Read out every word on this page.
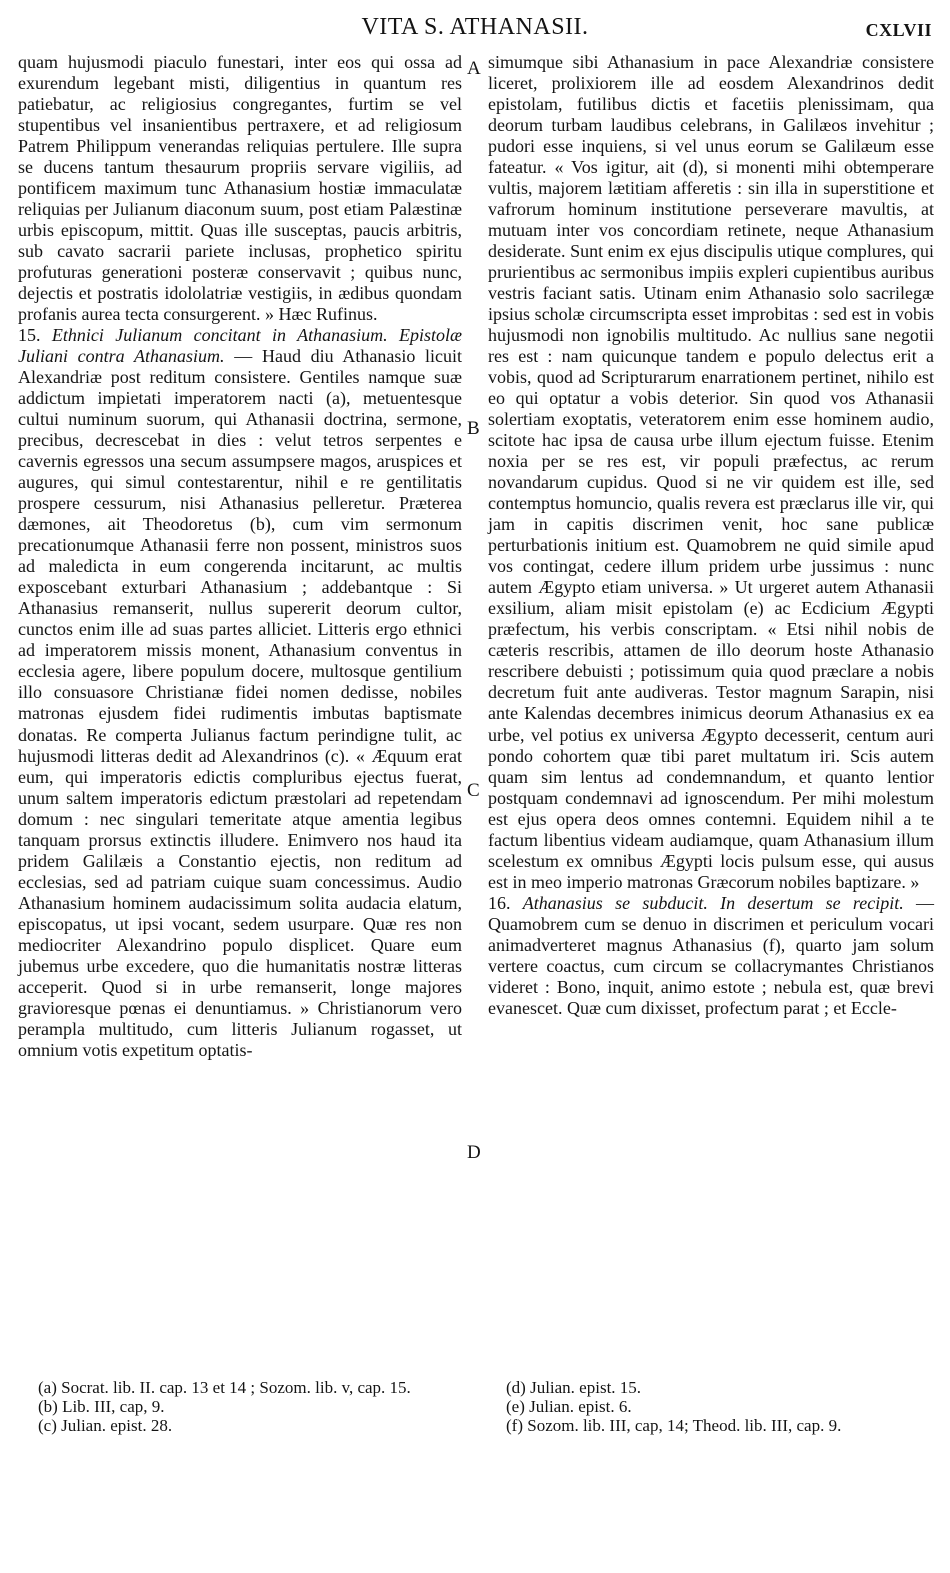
VITA S. ATHANASII.	CXLVII

quam hujusmodi piaculo funestari, inter eos qui ossa ad exurendum legebant misti, diligentius in quantum res patiebatur, ac religiosius congregantes, furtim se vel stupentibus vel insanientibus pertraxere, et ad religiosum Patrem Philippum venerandas reliquias pertulere. Ille supra se ducens tantum thesaurum propriis servare vigiliis, ad pontificem maximum tunc Athanasium hostiæ immaculatæ reliquias per Julianum diaconum suum, post etiam Palæstinæ urbis episcopum, mittit. Quas ille susceptas, paucis arbitris, sub cavato sacrarii pariete inclusas, prophetico spiritu profuturas generationi posteræ conservavit ; quibus nunc, dejectis et postratis idololatriæ vestigiis, in ædibus quondam profanis aurea tecta consurgerent. » Hæc Rufinus.

15. Ethnici Julianum concitant in Athanasium. Epistolæ Juliani contra Athanasium. — Haud diu Athanasio licuit Alexandriæ post reditum consistere. Gentiles namque suæ addictum impietati imperatorem nacti (a), metuentesque cultui numinum suorum, qui Athanasii doctrina, sermone, precibus, decrescebat in dies : velut tetros serpentes e cavernis egressos una secum assumpsere magos, aruspices et augures, qui simul contestarentur, nihil e re gentilitatis prospere cessurum, nisi Athanasius pelleretur. Præterea dæmones, ait Theodoretus (b), cum vim sermonum precationumque Athanasii ferre non possent, ministros suos ad maledicta in eum congerenda incitarunt, ac multis exposcebant exturbari Athanasium ; addebantque : Si Athanasius remanserit, nullus supererit deorum cultor, cunctos enim ille ad suas partes alliciet. Litteris ergo ethnici ad imperatorem missis monent, Athanasium conventus in ecclesia agere, libere populum docere, multosque gentilium illo consuasore Christianæ fidei nomen dedisse, nobiles matronas ejusdem fidei rudimentis imbutas baptismate donatas. Re comperta Julianus factum perindigne tulit, ac hujusmodi litteras dedit ad Alexandrinos (c). « Æquum erat eum, qui imperatoris edictis compluribus ejectus fuerat, unum saltem imperatoris edictum præstolari ad repetendam domum : nec singulari temeritate atque amentia legibus tanquam prorsus extinctis illudere. Enimvero nos haud ita pridem Galilæis a Constantio ejectis, non reditum ad ecclesias, sed ad patriam cuique suam concessimus. Audio Athanasium hominem audacissimum solita audacia elatum, episcopatus, ut ipsi vocant, sedem usurpare. Quæ res non mediocriter Alexandrino populo displicet. Quare eum jubemus urbe excedere, quo die humanitatis nostræ litteras acceperit. Quod si in urbe remanserit, longe majores gravioresque pœnas ei denuntiamus. » Christianorum vero perampla multitudo, cum litteris Julianum rogasset, ut omnium votis expetitum optatis-

simumque sibi Athanasium in pace Alexandriæ consistere liceret, prolixiorem ille ad eosdem Alexandrinos dedit epistolam, futilibus dictis et facetiis plenissimam, qua deorum turbam laudibus celebrans, in Galilæos invehitur ; pudori esse inquiens, si vel unus eorum se Galilæum esse fateatur. « Vos igitur, ait (d), si monenti mihi obtemperare vultis, majorem lætitiam afferetis : sin illa in superstitione et vafrorum hominum institutione perseverare mavultis, at mutuam inter vos concordiam retinete, neque Athanasium desiderate. Sunt enim ex ejus discipulis utique complures, qui prurientibus ac sermonibus impiis expleri cupientibus auribus vestris faciant satis. Utinam enim Athanasio solo sacrilegæ ipsius scholæ circumscripta esset improbitas : sed est in vobis hujusmodi non ignobilis multitudo. Ac nullius sane negotii res est : nam quicunque tandem e populo delectus erit a vobis, quod ad Scripturarum enarrationem pertinet, nihilo est eo qui optatur a vobis deterior. Sin quod vos Athanasii solertiam exoptatis, veteratorem enim esse hominem audio, scitote hac ipsa de causa urbe illum ejectum fuisse. Etenim noxia per se res est, vir populi præfectus, ac rerum novandarum cupidus. Quod si ne vir quidem est ille, sed contemptus homuncio, qualis revera est præclarus ille vir, qui jam in capitis discrimen venit, hoc sane publicæ perturbationis initium est. Quamobrem ne quid simile apud vos contingat, cedere illum pridem urbe jussimus : nunc autem Ægypto etiam universa. » Ut urgeret autem Athanasii exsilium, aliam misit epistolam (e) ac Ecdicium Ægypti præfectum, his verbis conscriptam. « Etsi nihil nobis de cæteris rescribis, attamen de illo deorum hoste Athanasio rescribere debuisti ; potissimum quia quod præclare a nobis decretum fuit ante audiveras. Testor magnum Sarapin, nisi ante Kalendas decembres inimicus deorum Athanasius ex ea urbe, vel potius ex universa Ægypto decesserit, centum auri pondo cohortem quæ tibi paret multatum iri. Scis autem quam sim lentus ad condemnandum, et quanto lentior postquam condemnavi ad ignoscendum. Per mihi molestum est ejus opera deos omnes contemni. Equidem nihil a te factum libentius videam audiamque, quam Athanasium illum scelestum ex omnibus Ægypti locis pulsum esse, qui ausus est in meo imperio matronas Græcorum nobiles baptizare. »

16. Athanasius se subducit. In desertum se recipit. — Quamobrem cum se denuo in discrimen et periculum vocari animadverteret magnus Athanasius (f), quarto jam solum vertere coactus, cum circum se collacrymantes Christianos videret : Bono, inquit, animo estote ; nebula est, quæ brevi evanescet. Quæ cum dixisset, profectum parat ; et Eccle-

A
B
C
D
(a) Socrat. lib. II. cap. 13 et 14 ; Sozom. lib. v, cap. 15.
(b) Lib. III, cap, 9.
(c) Julian. epist. 28.
(d) Julian. epist. 15.
(e) Julian. epist. 6.
(f) Sozom. lib. III, cap, 14; Theod. lib. III, cap. 9.
